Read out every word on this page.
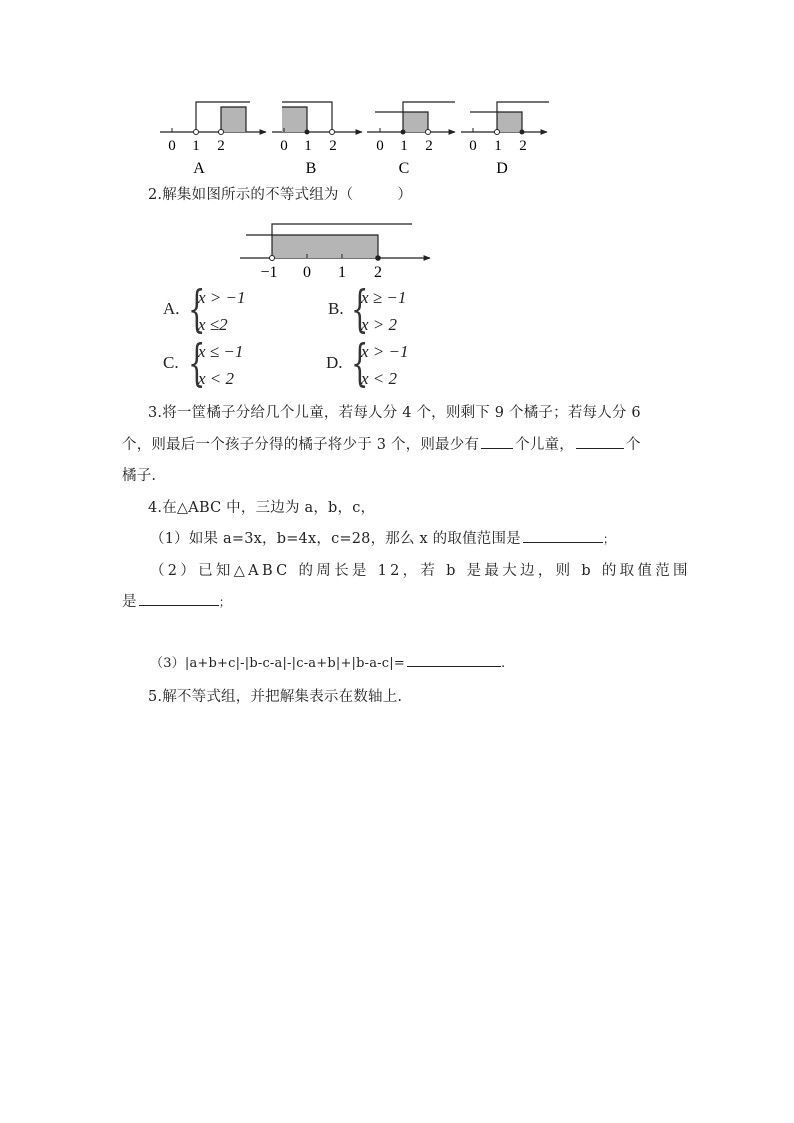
0 1 2
A
0 1 2
B
0 1 2
C
0 1 2
D
2.解集如图所示的不等式组为（　　　）
−1 0 1 2
A. {
x > −1
x ≤2
B. {
x ≥ −1
x > 2
C. {
x ≤ −1
x < 2
D. {
x > −1
x < 2
3.将一筐橘子分给几个儿童，若每人分 4 个，则剩下 9 个橘子；若每人分 6
个，则最后一个孩子分得的橘子将少于 3 个，则最少有 个儿童，	个
橘子.
4.在△ABC 中，三边为 a，b，c，
（1）如果 a=3x，b=4x，c=28，那么 x 的取值范围是	；
（2）已知△ABC 的周长是 12，若 b 是最大边，则 b 的取值范围
是	；
（3）|a+b+c|-|b-c-a|-|c-a+b|+|b-a-c|=	.
5.解不等式组，并把解集表示在数轴上.
